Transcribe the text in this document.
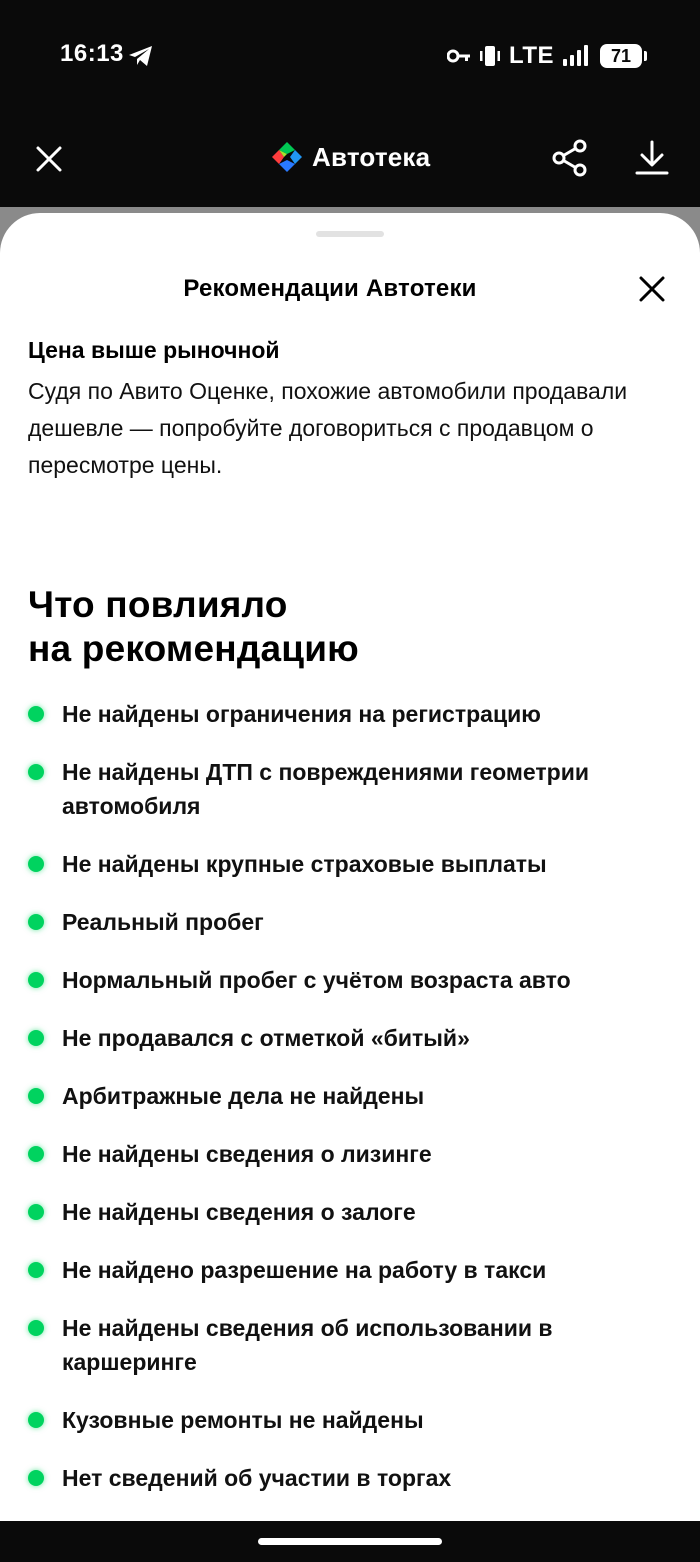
16:13	LTE	71
Автотека
Рекомендации Автотеки
Цена выше рыночной
Судя по Авито Оценке, похожие автомобили продавали дешевле — попробуйте договориться с продавцом о пересмотре цены.
Что повлияло
на рекомендацию
Не найдены ограничения на регистрацию
Не найдены ДТП с повреждениями геометрии автомобиля
Не найдены крупные страховые выплаты
Реальный пробег
Нормальный пробег с учётом возраста авто
Не продавался с отметкой «битый»
Арбитражные дела не найдены
Не найдены сведения о лизинге
Не найдены сведения о залоге
Не найдено разрешение на работу в такси
Не найдены сведения об использовании в каршеринге
Кузовные ремонты не найдены
Нет сведений об участии в торгах
